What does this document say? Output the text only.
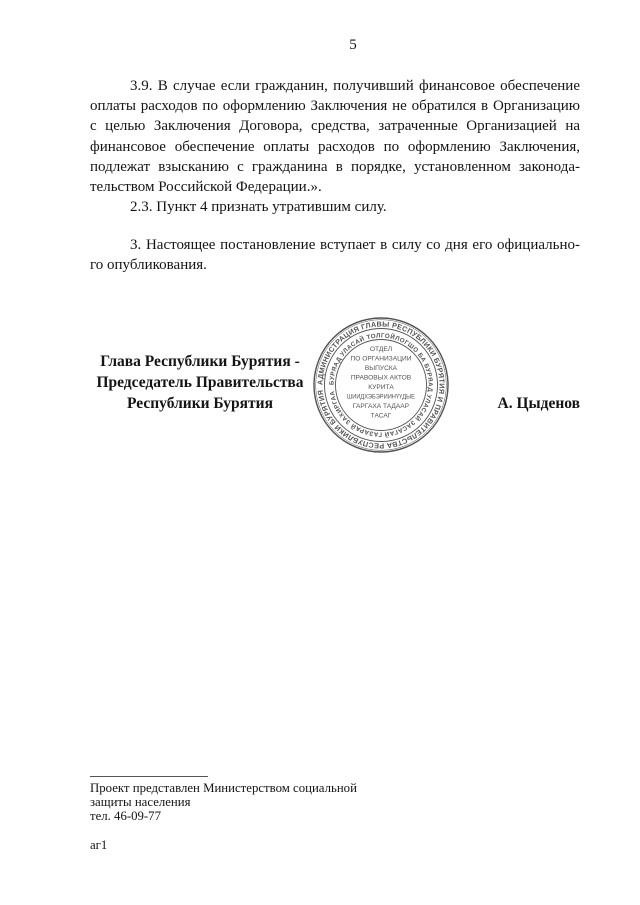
5
3.9. В случае если гражданин, получивший финансовое обеспечение
оплаты расходов по оформлению Заключения не обратился в Организацию
с целью Заключения Договора, средства, затраченные Организацией на
финансовое обеспечение оплаты расходов по оформлению Заключения,
подлежат взысканию с гражданина в порядке, установленном законода-
тельством Российской Федерации.».
2.3. Пункт 4 признать утратившим силу.
3. Настоящее постановление вступает в силу со дня его официально-
го опубликования.
Глава Республики Бурятия -
Председатель Правительства
Республики Бурятия
АДМИНИСТРАЦИЯ ГЛАВЫ РЕСПУБЛИКИ БУРЯТИЯ И ПРАВИТЕЛЬСТВА РЕСПУБЛИКИ БУРЯТИЯ
БУРЯАД УЛАСАЙ ТОЛГОЙЛОГШО БА БУРЯАД УЛАСАЙ ЗАСАГАЙ ГАЗАРАЙ ЗАХИРГАА
ОТДЕЛ
ПО ОРГАНИЗАЦИИ
ВЫПУСКА
ПРАВОВЫХ АКТОВ
КУРИТА
ШИИДХЭБЭРИИНҮҮДЫЕ
ГАРГАХА ТАДААР
ТАСАГ
А. Цыденов
Проект представлен Министерством социальной
защиты населения
тел. 46-09-77
аг1
